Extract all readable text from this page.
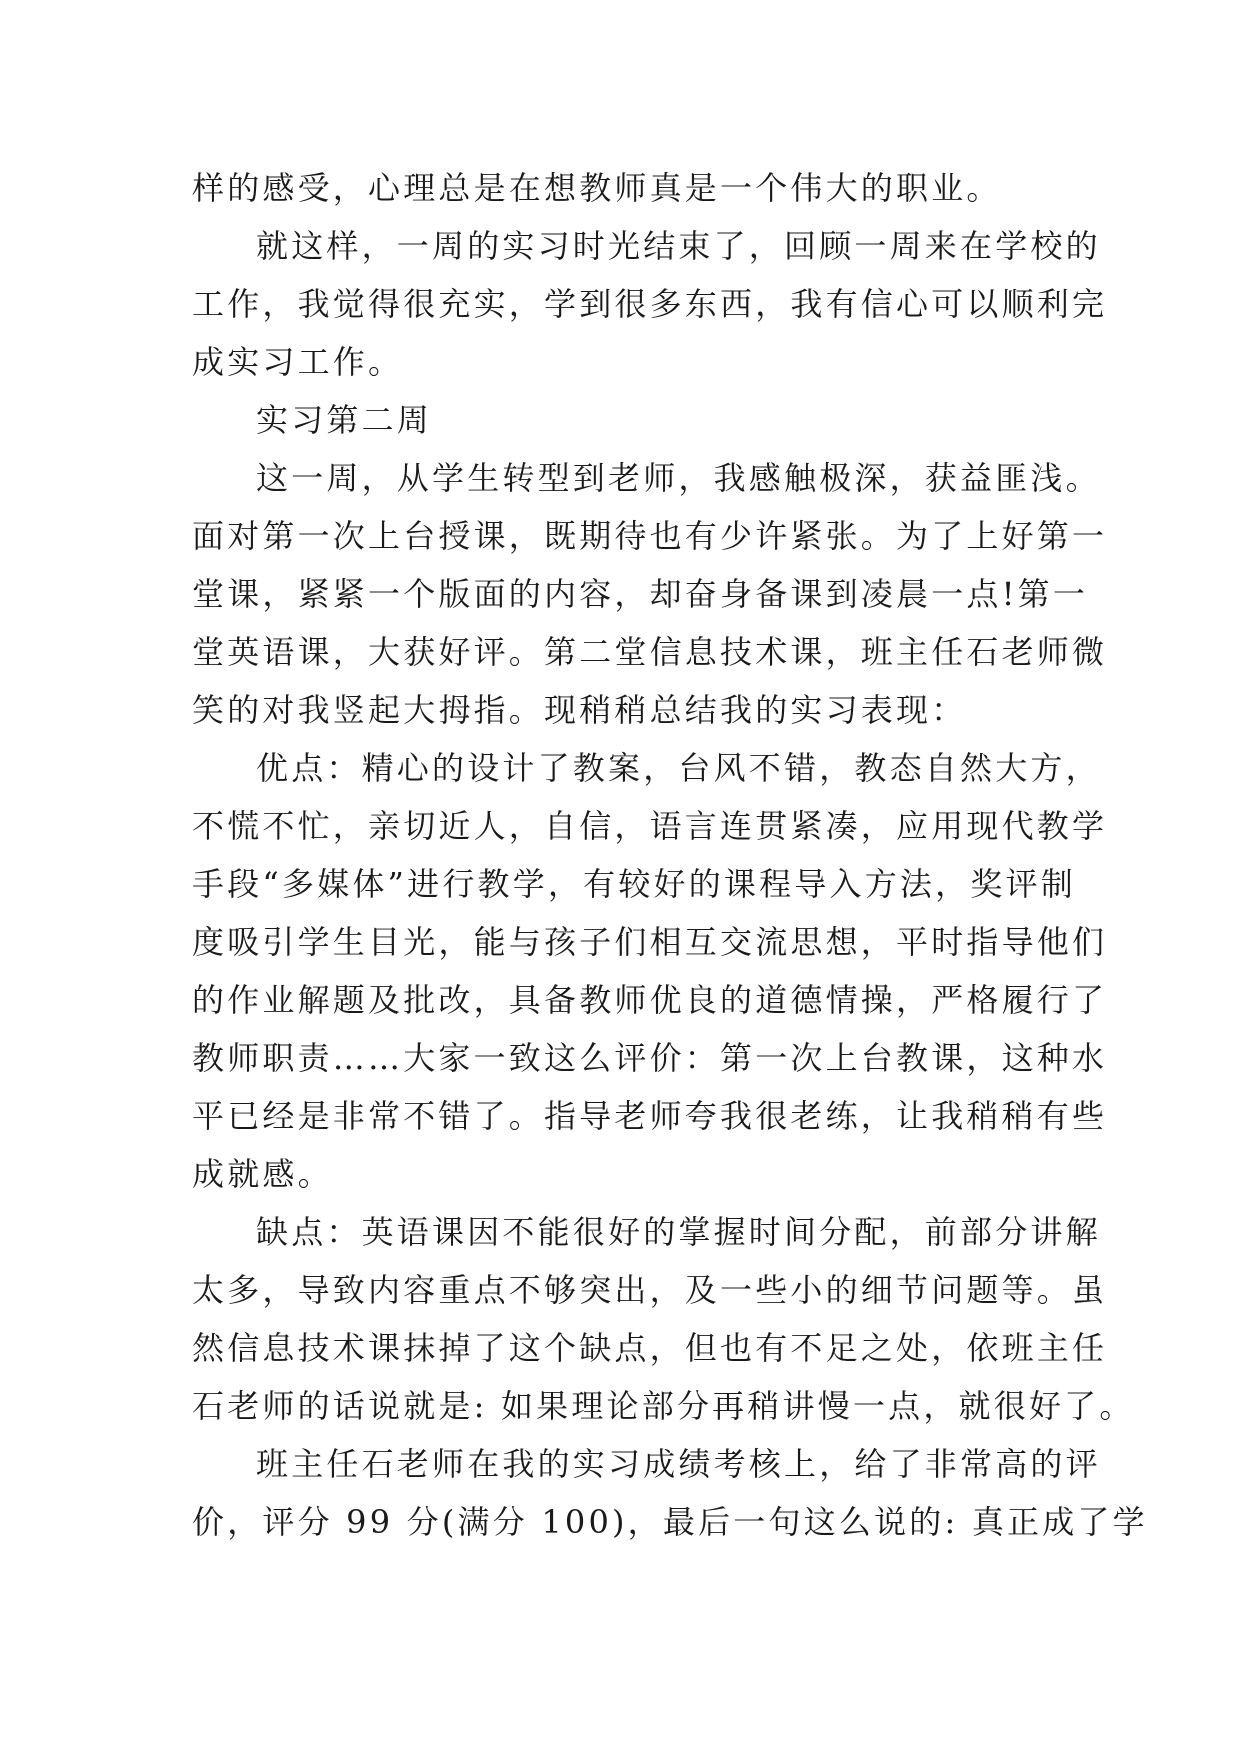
样的感受，心理总是在想教师真是一个伟大的职业。
就这样，一周的实习时光结束了，回顾一周来在学校的
工作，我觉得很充实，学到很多东西，我有信心可以顺利完
成实习工作。
实习第二周
这一周，从学生转型到老师，我感触极深，获益匪浅。
面对第一次上台授课，既期待也有少许紧张。为了上好第一
堂课，紧紧一个版面的内容，却奋身备课到凌晨一点!第一
堂英语课，大获好评。第二堂信息技术课，班主任石老师微
笑的对我竖起大拇指。现稍稍总结我的实习表现：
优点：精心的设计了教案，台风不错，教态自然大方，
不慌不忙，亲切近人，自信，语言连贯紧凑，应用现代教学
手段“多媒体”进行教学，有较好的课程导入方法，奖评制
度吸引学生目光，能与孩子们相互交流思想，平时指导他们
的作业解题及批改，具备教师优良的道德情操，严格履行了
教师职责……大家一致这么评价：第一次上台教课，这种水
平已经是非常不错了。指导老师夸我很老练，让我稍稍有些
成就感。
缺点：英语课因不能很好的掌握时间分配，前部分讲解
太多，导致内容重点不够突出，及一些小的细节问题等。虽
然信息技术课抹掉了这个缺点，但也有不足之处，依班主任
石老师的话说就是: 如果理论部分再稍讲慢一点，就很好了。
班主任石老师在我的实习成绩考核上，给了非常高的评
价，评分 99 分(满分 100)，最后一句这么说的: 真正成了学
